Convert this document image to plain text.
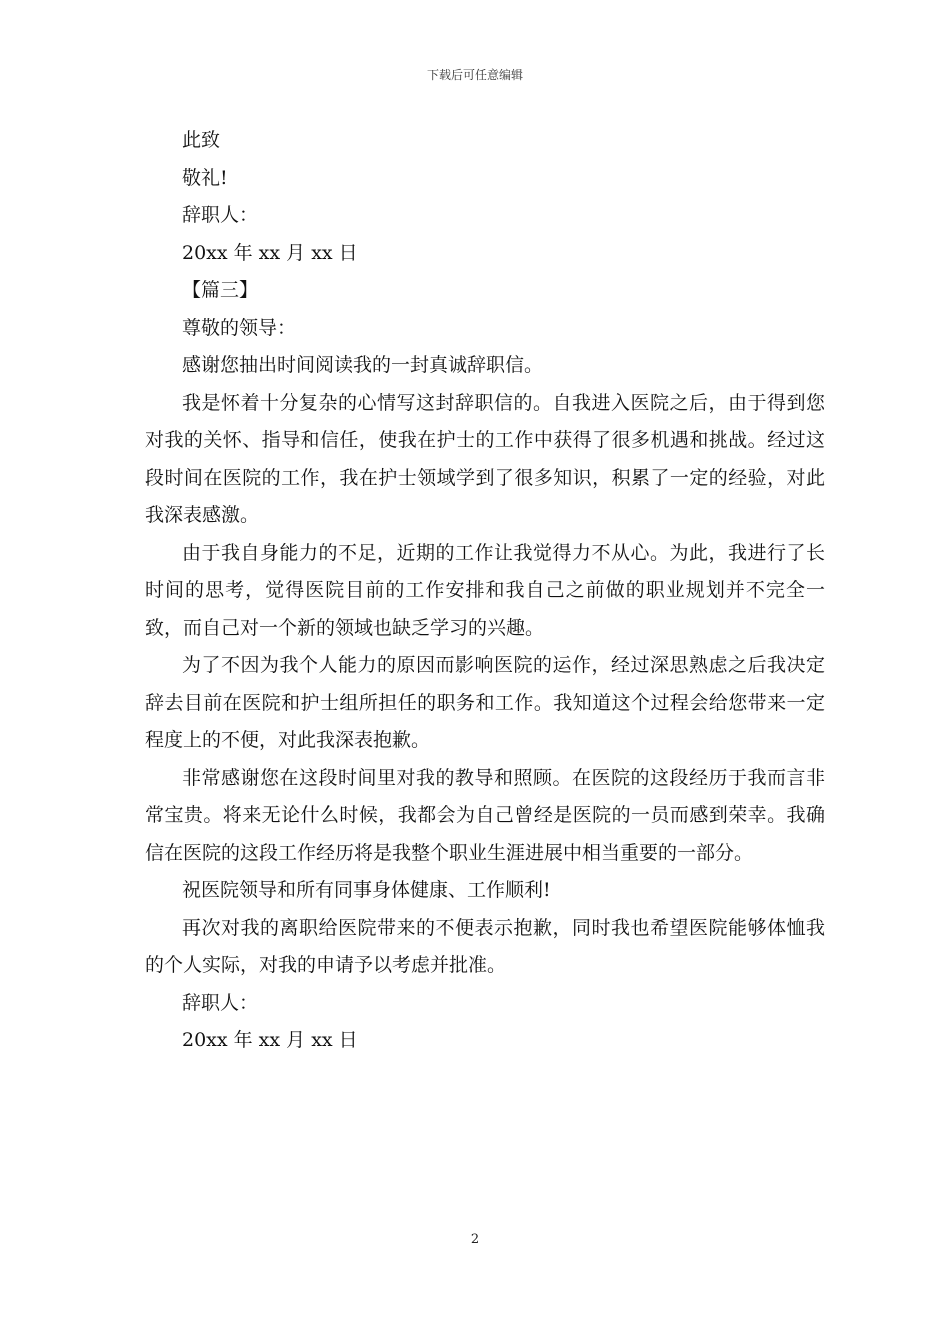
下载后可任意编辑
此致
敬礼!
辞职人：
20xx 年 xx 月 xx 日
【篇三】
尊敬的领导：
感谢您抽出时间阅读我的一封真诚辞职信。
我是怀着十分复杂的心情写这封辞职信的。自我进入医院之后，由于得到您对我的关怀、指导和信任，使我在护士的工作中获得了很多机遇和挑战。经过这段时间在医院的工作，我在护士领域学到了很多知识，积累了一定的经验，对此我深表感激。
由于我自身能力的不足，近期的工作让我觉得力不从心。为此，我进行了长时间的思考，觉得医院目前的工作安排和我自己之前做的职业规划并不完全一致，而自己对一个新的领域也缺乏学习的兴趣。
为了不因为我个人能力的原因而影响医院的运作，经过深思熟虑之后我决定辞去目前在医院和护士组所担任的职务和工作。我知道这个过程会给您带来一定程度上的不便，对此我深表抱歉。
非常感谢您在这段时间里对我的教导和照顾。在医院的这段经历于我而言非常宝贵。将来无论什么时候，我都会为自己曾经是医院的一员而感到荣幸。我确信在医院的这段工作经历将是我整个职业生涯进展中相当重要的一部分。
祝医院领导和所有同事身体健康、工作顺利!
再次对我的离职给医院带来的不便表示抱歉，同时我也希望医院能够体恤我的个人实际，对我的申请予以考虑并批准。
辞职人：
20xx 年 xx 月 xx 日
2
